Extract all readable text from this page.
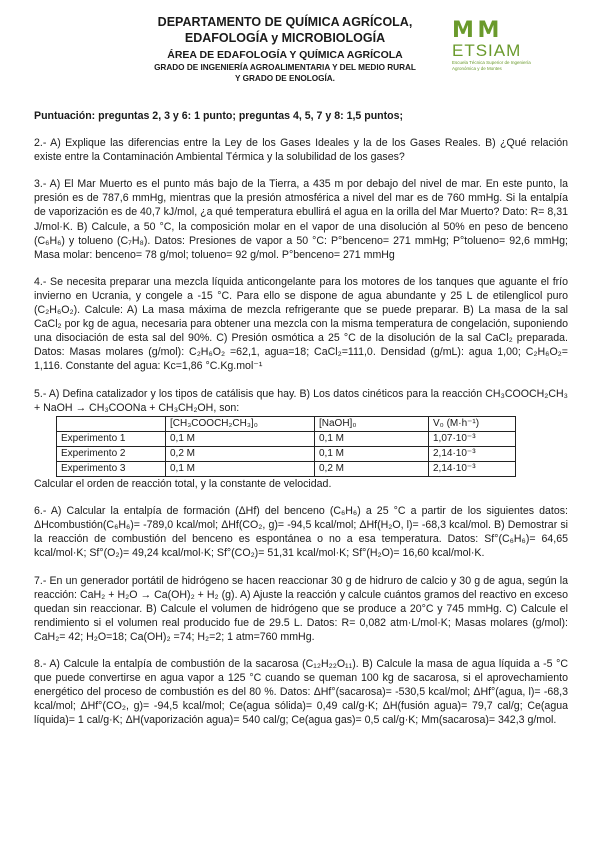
DEPARTAMENTO DE QUÍMICA AGRÍCOLA,
EDAFOLOGÍA y MICROBIOLOGÍA
ÁREA DE EDAFOLOGÍA Y QUÍMICA AGRÍCOLA
GRADO DE INGENIERÍA AGROALIMENTARIA Y DEL MEDIO RURAL
Y GRADO DE ENOLOGÍA.
M M
ETSIAM
Escuela Técnica Superior de Ingeniería Agronómica y de Montes

Puntuación: preguntas 2, 3 y 6: 1 punto; preguntas 4, 5, 7 y 8: 1,5 puntos;

2.- A) Explique las diferencias entre la Ley de los Gases Ideales y la de los Gases Reales. B) ¿Qué relación existe entre la Contaminación Ambiental Térmica y la solubilidad de los gases?

3.- A) El Mar Muerto es el punto más bajo de la Tierra, a 435 m por debajo del nivel de mar. En este punto, la presión es de 787,6 mmHg, mientras que la presión atmosférica a nivel del mar es de 760 mmHg. Si la entalpía de vaporización es de 40,7 kJ/mol, ¿a qué temperatura ebullirá el agua en la orilla del Mar Muerto? Dato: R= 8,31 J/mol·K. B) Calcule, a 50 °C, la composición molar en el vapor de una disolución al 50% en peso de benceno (C₆H₆) y tolueno (C₇H₈). Datos: Presiones de vapor a 50 °C: P°benceno= 271 mmHg; P°tolueno= 92,6 mmHg; Masa molar: benceno= 78 g/mol; tolueno= 92 g/mol. P°benceno= 271 mmHg

4.- Se necesita preparar una mezcla líquida anticongelante para los motores de los tanques que aguante el frío invierno en Ucrania, y congele a -15 °C. Para ello se dispone de agua abundante y 25 L de etilenglicol puro (C₂H₆O₂). Calcule: A) La masa máxima de mezcla refrigerante que se puede preparar. B) La masa de la sal CaCl₂ por kg de agua, necesaria para obtener una mezcla con la misma temperatura de congelación, suponiendo una disociación de esta sal del 90%. C) Presión osmótica a 25 °C de la disolución de la sal CaCl₂ preparada. Datos: Masas molares (g/mol): C₂H₆O₂ =62,1, agua=18; CaCl₂=111,0. Densidad (g/mL): agua 1,00; C₂H₆O₂= 1,116. Constante del agua: Kc=1,86 °C.Kg.mol⁻¹

5.- A) Defina catalizador y los tipos de catálisis que hay. B) Los datos cinéticos para la reacción CH₃COOCH₂CH₃ + NaOH → CH₃COONa + CH₃CH₂OH, son:

	[CH₃COOCH₂CH₃]₀	[NaOH]₀	V₀ (M·h⁻¹)
Experimento 1	0,1 M	0,1 M	1,07·10⁻³
Experimento 2	0,2 M	0,1 M	2,14·10⁻³
Experimento 3	0,1 M	0,2 M	2,14·10⁻³

Calcular el orden de reacción total, y la constante de velocidad.

6.- A) Calcular la entalpía de formación (ΔHf) del benceno (C₆H₆) a 25 °C a partir de los siguientes datos: ΔHcombustión(C₆H₆)= -789,0 kcal/mol; ΔHf(CO₂, g)= -94,5 kcal/mol; ΔHf(H₂O, l)= -68,3 kcal/mol. B) Demostrar si la reacción de combustión del benceno es espontánea o no a esa temperatura. Datos: Sf°(C₆H₆)= 64,65 kcal/mol·K; Sf°(O₂)= 49,24 kcal/mol·K; Sf°(CO₂)= 51,31 kcal/mol·K; Sf°(H₂O)= 16,60 kcal/mol·K.

7.- En un generador portátil de hidrógeno se hacen reaccionar 30 g de hidruro de calcio y 30 g de agua, según la reacción: CaH₂ + H₂O → Ca(OH)₂ + H₂ (g). A) Ajuste la reacción y calcule cuántos gramos del reactivo en exceso quedan sin reaccionar. B) Calcule el volumen de hidrógeno que se produce a 20°C y 745 mmHg. C) Calcule el rendimiento si el volumen real producido fue de 29.5 L. Datos: R= 0,082 atm·L/mol·K; Masas molares (g/mol): CaH₂= 42; H₂O=18; Ca(OH)₂ =74; H₂=2; 1 atm=760 mmHg.

8.- A) Calcule la entalpía de combustión de la sacarosa (C₁₂H₂₂O₁₁). B) Calcule la masa de agua líquida a -5 °C que puede convertirse en agua vapor a 125 °C cuando se queman 100 kg de sacarosa, si el aprovechamiento energético del proceso de combustión es del 80 %. Datos: ΔHf°(sacarosa)= -530,5 kcal/mol; ΔHf°(agua, l)= -68,3 kcal/mol; ΔHf°(CO₂, g)= -94,5 kcal/mol; Ce(agua sólida)= 0,49 cal/g·K; ΔH(fusión agua)= 79,7 cal/g; Ce(agua líquida)= 1 cal/g·K; ΔH(vaporización agua)= 540 cal/g; Ce(agua gas)= 0,5 cal/g·K; Mm(sacarosa)= 342,3 g/mol.
